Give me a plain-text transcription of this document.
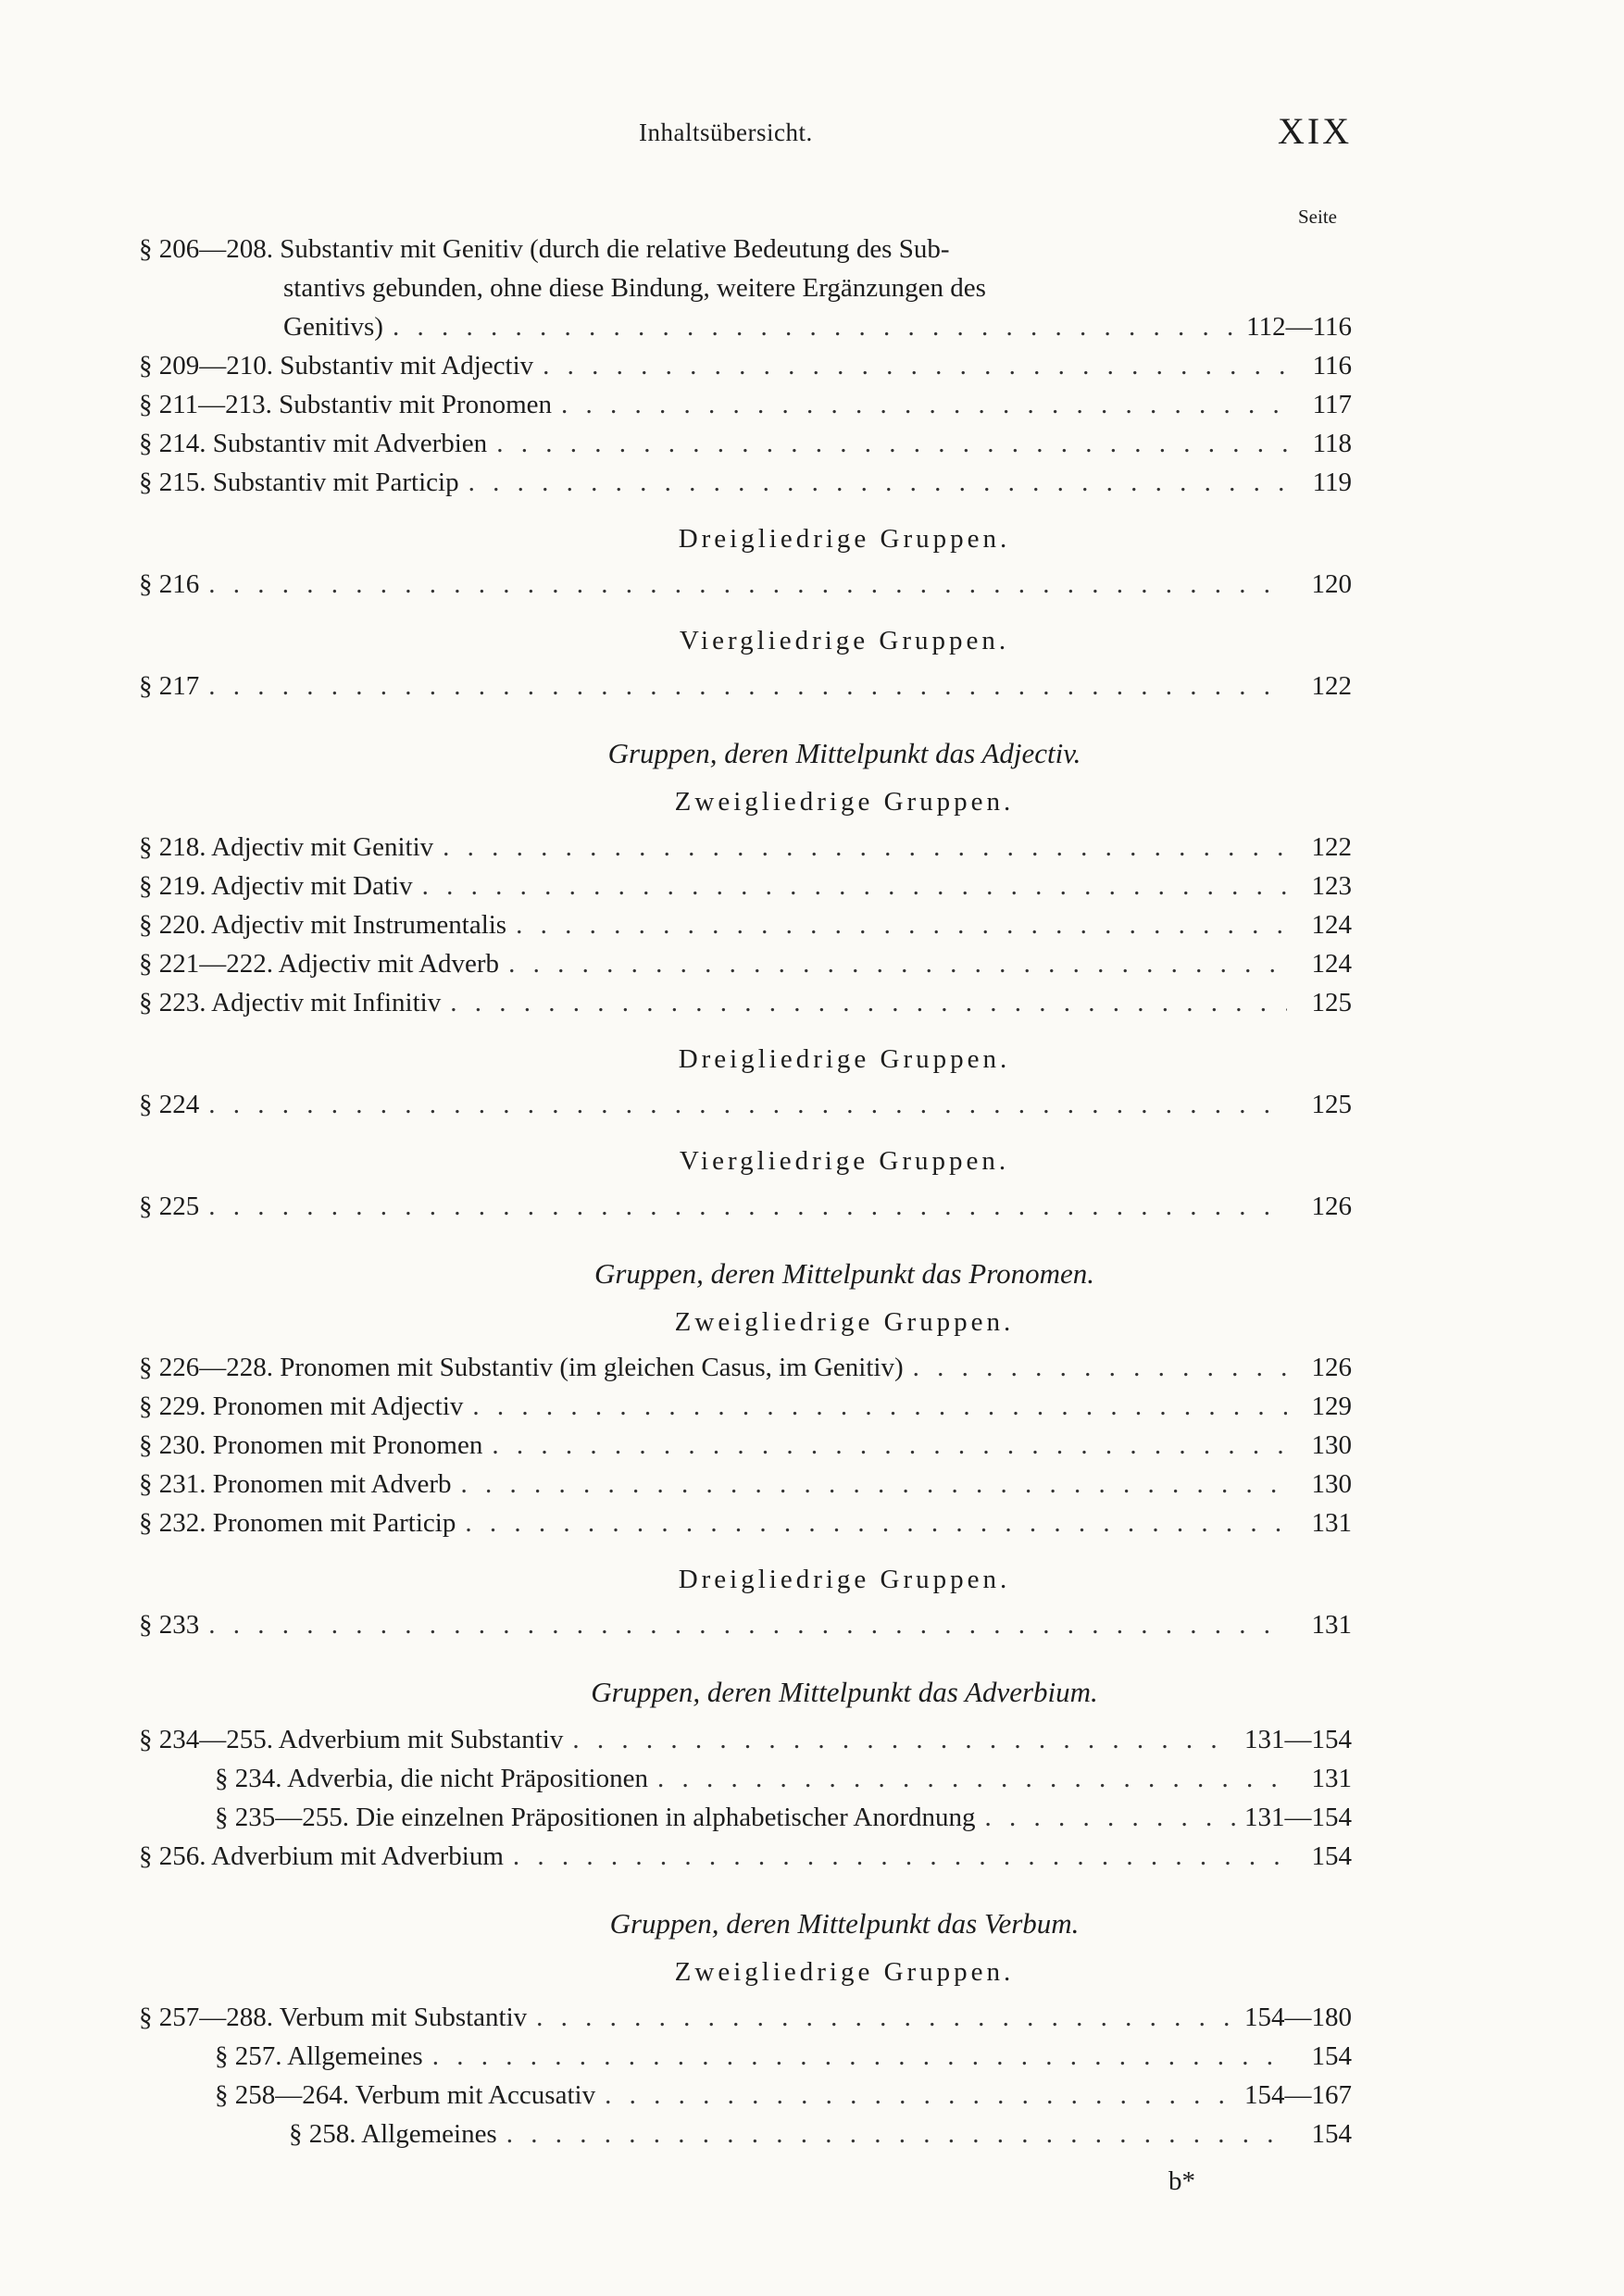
Inhaltsübersicht.	XIX
Seite
§ 206—208. Substantiv mit Genitiv (durch die relative Bedeutung des Sub-
stantivs gebunden, ohne diese Bindung, weitere Ergänzungen des
Genitivs) . . .	112—116
§ 209—210. Substantiv mit Adjectiv . . .	116
§ 211—213. Substantiv mit Pronomen . . .	117
§ 214. Substantiv mit Adverbien . . .	118
§ 215. Substantiv mit Particip . . .	119
Dreigliedrige Gruppen.
§ 216 . . .	120
Viergliedrige Gruppen.
§ 217 . . .	122
Gruppen, deren Mittelpunkt das Adjectiv.
Zweigliedrige Gruppen.
§ 218. Adjectiv mit Genitiv . . .	122
§ 219. Adjectiv mit Dativ . . .	123
§ 220. Adjectiv mit Instrumentalis . . .	124
§ 221—222. Adjectiv mit Adverb . . .	124
§ 223. Adjectiv mit Infinitiv . . .	125
Dreigliedrige Gruppen.
§ 224 . . .	125
Viergliedrige Gruppen.
§ 225 . . .	126
Gruppen, deren Mittelpunkt das Pronomen.
Zweigliedrige Gruppen.
§ 226—228. Pronomen mit Substantiv (im gleichen Casus, im Genitiv) . . .	126
§ 229. Pronomen mit Adjectiv . . .	129
§ 230. Pronomen mit Pronomen . . .	130
§ 231. Pronomen mit Adverb . . .	130
§ 232. Pronomen mit Particip . . .	131
Dreigliedrige Gruppen.
§ 233 . . .	131
Gruppen, deren Mittelpunkt das Adverbium.
§ 234—255. Adverbium mit Substantiv . . .	131—154
§ 234. Adverbia, die nicht Präpositionen . . .	131
§ 235—255. Die einzelnen Präpositionen in alphabetischer Anordnung . . .	131—154
§ 256. Adverbium mit Adverbium . . .	154
Gruppen, deren Mittelpunkt das Verbum.
Zweigliedrige Gruppen.
§ 257—288. Verbum mit Substantiv . . .	154—180
§ 257. Allgemeines . . .	154
§ 258—264. Verbum mit Accusativ . . .	154—167
§ 258. Allgemeines . . .	154
b*
